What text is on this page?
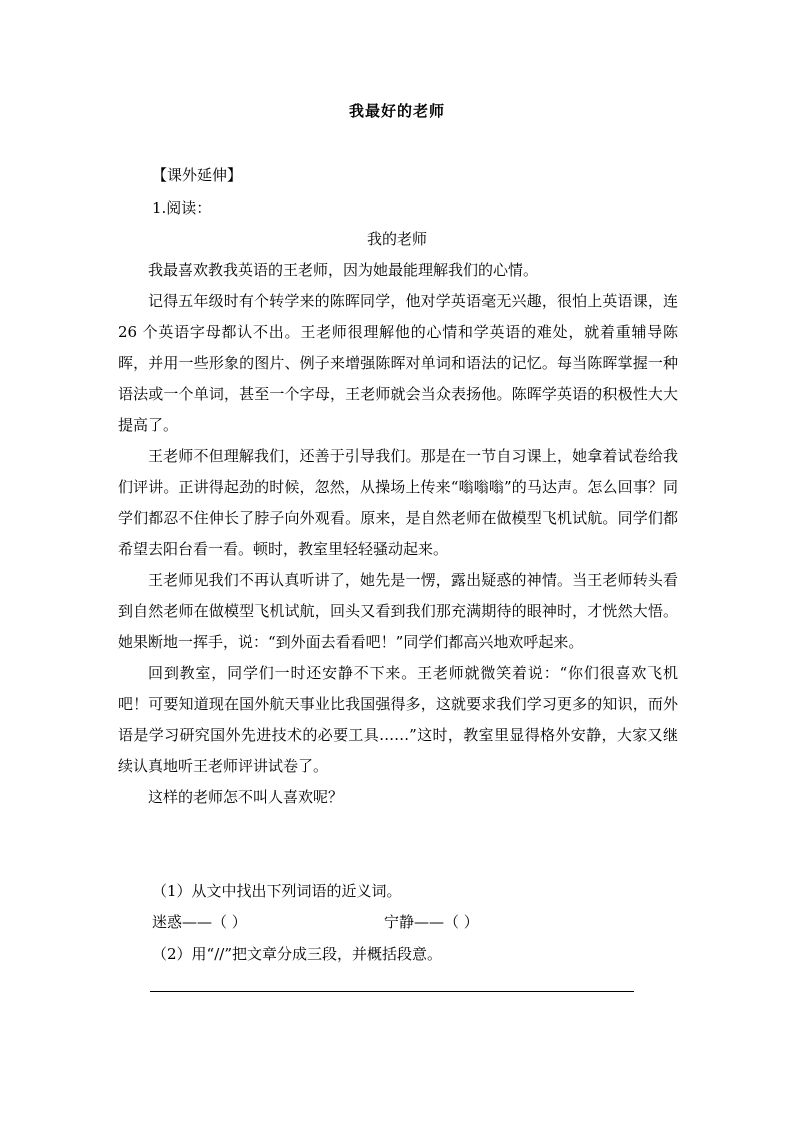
我最好的老师
【课外延伸】
1.阅读：
我的老师

我最喜欢教我英语的王老师，因为她最能理解我们的心情。

记得五年级时有个转学来的陈晖同学，他对学英语毫无兴趣，很怕上英语课，连 26 个英语字母都认不出。王老师很理解他的心情和学英语的难处，就着重辅导陈晖，并用一些形象的图片、例子来增强陈晖对单词和语法的记忆。每当陈晖掌握一种语法或一个单词，甚至一个字母，王老师就会当众表扬他。陈晖学英语的积极性大大提高了。

王老师不但理解我们，还善于引导我们。那是在一节自习课上，她拿着试卷给我们评讲。正讲得起劲的时候，忽然，从操场上传来“嗡嗡嗡”的马达声。怎么回事？同学们都忍不住伸长了脖子向外观看。原来，是自然老师在做模型飞机试航。同学们都希望去阳台看一看。顿时，教室里轻轻骚动起来。

王老师见我们不再认真听讲了，她先是一愣，露出疑惑的神情。当王老师转头看到自然老师在做模型飞机试航，回头又看到我们那充满期待的眼神时，才恍然大悟。她果断地一挥手，说：“到外面去看看吧！”同学们都高兴地欢呼起来。

回到教室，同学们一时还安静不下来。王老师就微笑着说：“你们很喜欢飞机吧！可要知道现在国外航天事业比我国强得多，这就要求我们学习更多的知识，而外语是学习研究国外先进技术的必要工具……”这时，教室里显得格外安静，大家又继续认真地听王老师评讲试卷了。

这样的老师怎不叫人喜欢呢？

（1）从文中找出下列词语的近义词。
迷惑——（ ）	宁静——（ ）
（2）用“//”把文章分成三段，并概括段意。
